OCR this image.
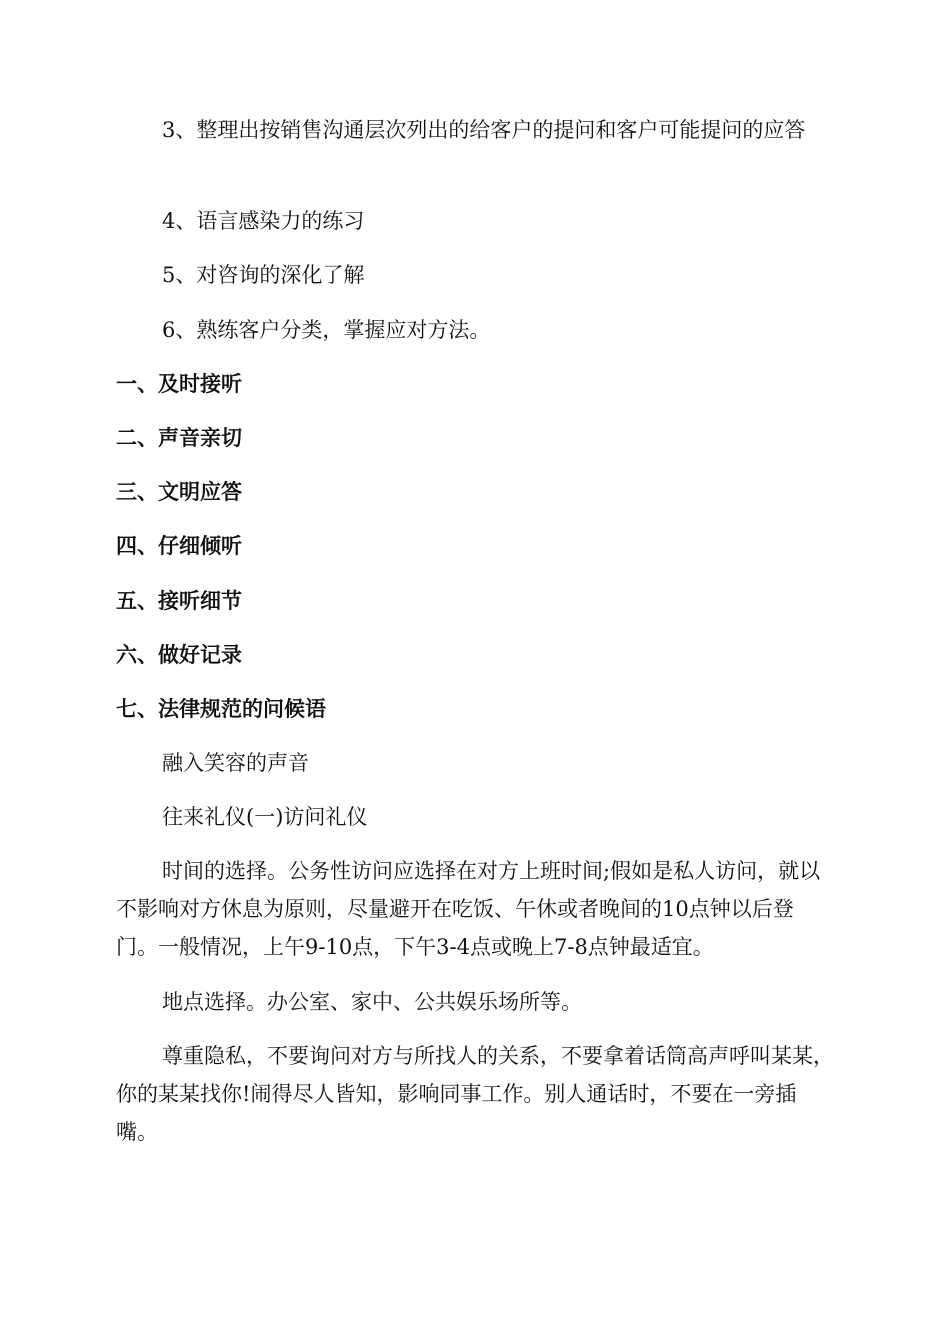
3、整理出按销售沟通层次列出的给客户的提问和客户可能提问的应答

4、语言感染力的练习

5、对咨询的深化了解

6、熟练客户分类，掌握应对方法。

一、及时接听

二、声音亲切

三、文明应答

四、仔细倾听

五、接听细节

六、做好记录

七、法律规范的问候语

融入笑容的声音

往来礼仪(一)访问礼仪

时间的选择。公务性访问应选择在对方上班时间;假如是私人访问，就以不影响对方休息为原则，尽量避开在吃饭、午休或者晚间的10点钟以后登门。一般情况，上午9-10点，下午3-4点或晚上7-8点钟最适宜。

地点选择。办公室、家中、公共娱乐场所等。

尊重隐私，不要询问对方与所找人的关系，不要拿着话筒高声呼叫某某，你的某某找你!闹得尽人皆知，影响同事工作。别人通话时，不要在一旁插嘴。
